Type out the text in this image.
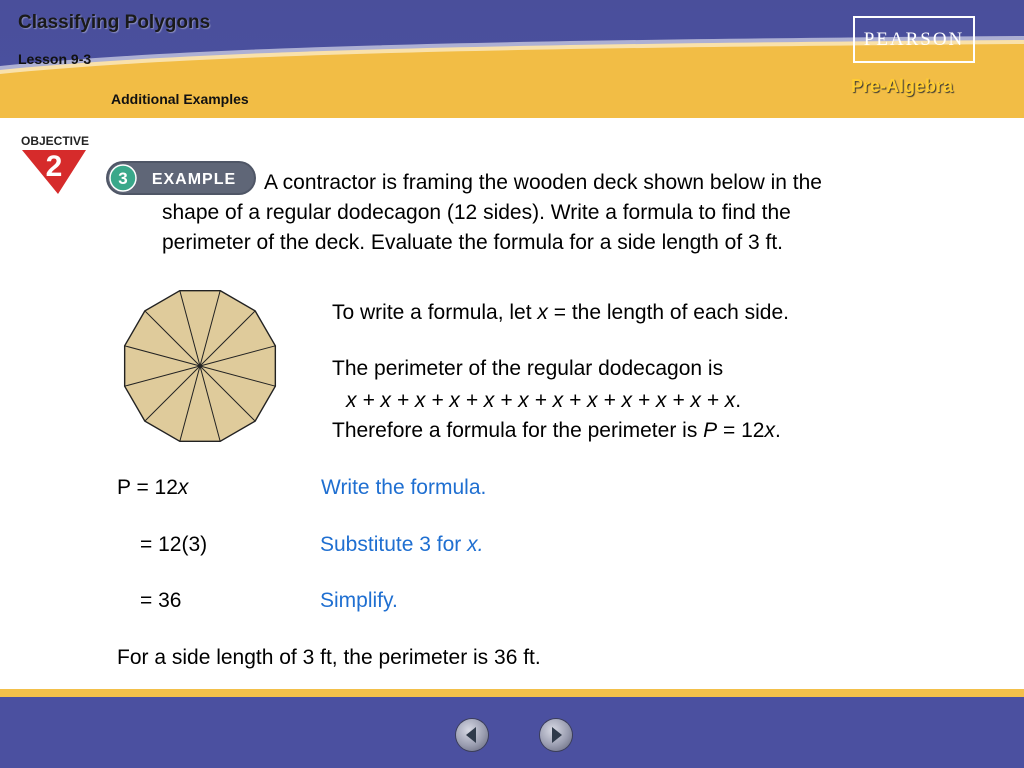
Classifying Polygons
Lesson 9-3
Additional Examples
PEARSON
Pre-Algebra
OBJECTIVE
2	3 EXAMPLE	A contractor is framing the wooden deck shown below in the
shape of a regular dodecagon (12 sides). Write a formula to find the
perimeter of the deck. Evaluate the formula for a side length of 3 ft.
To write a formula, let x = the length of each side.
The perimeter of the regular dodecagon is
x + x + x + x + x + x + x + x + x + x + x + x.
Therefore a formula for the perimeter is P = 12x.
P = 12x	Write the formula.
= 12(3)	Substitute 3 for x.
= 36	Simplify.
For a side length of 3 ft, the perimeter is 36 ft.
